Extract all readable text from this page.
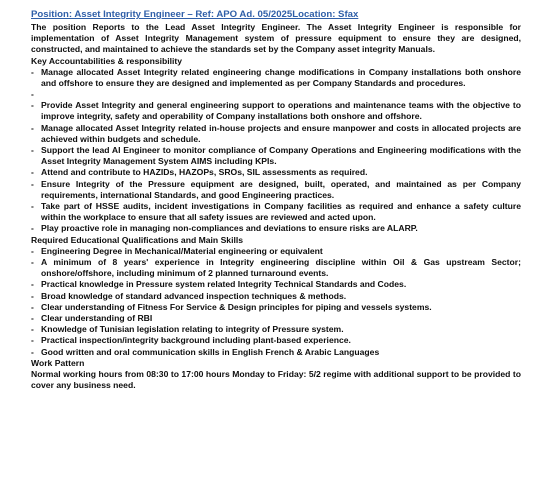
Position: Asset Integrity Engineer – Ref: APO Ad. 05/2025Location: Sfax

The position Reports to the Lead Asset Integrity Engineer. The Asset Integrity Engineer is responsible for implementation of Asset Integrity Management system of pressure equipment to ensure they are designed, constructed, and maintained to achieve the standards set by the Company asset integrity Manuals.

Key Accountabilities & responsibility

- Manage allocated Asset Integrity related engineering change modifications in Company installations both onshore and offshore to ensure they are designed and implemented as per Company Standards and procedures.
-
- Provide Asset Integrity and general engineering support to operations and maintenance teams with the objective to improve integrity, safety and operability of Company installations both onshore and offshore.
- Manage allocated Asset Integrity related in-house projects and ensure manpower and costs in allocated projects are achieved within budgets and schedule.
- Support the lead AI Engineer to monitor compliance of Company Operations and Engineering modifications with the Asset Integrity Management System AIMS including KPIs.
- Attend and contribute to HAZIDs, HAZOPs, SROs, SIL assessments as required.
- Ensure Integrity of the Pressure equipment are designed, built, operated, and maintained as per Company requirements, international Standards, and good Engineering practices.
- Take part of HSSE audits, incident investigations in Company facilities as required and enhance a safety culture within the workplace to ensure that all safety issues are reviewed and acted upon.
- Play proactive role in managing non-compliances and deviations to ensure risks are ALARP.

Required Educational Qualifications and Main Skills

- Engineering Degree in Mechanical/Material engineering or equivalent
- A minimum of 8 years' experience in Integrity engineering discipline within Oil & Gas upstream Sector; onshore/offshore, including minimum of 2 planned turnaround events.
- Practical knowledge in Pressure system related Integrity Technical Standards and Codes.
- Broad knowledge of standard advanced inspection techniques & methods.
- Clear understanding of Fitness For Service & Design principles for piping and vessels systems.
- Clear understanding of RBI
- Knowledge of Tunisian legislation relating to integrity of Pressure system.
- Practical inspection/integrity background including plant-based experience.
- Good written and oral communication skills in English French & Arabic Languages

Work Pattern

Normal working hours from 08:30 to 17:00 hours Monday to Friday: 5/2 regime with additional support to be provided to cover any business need.
